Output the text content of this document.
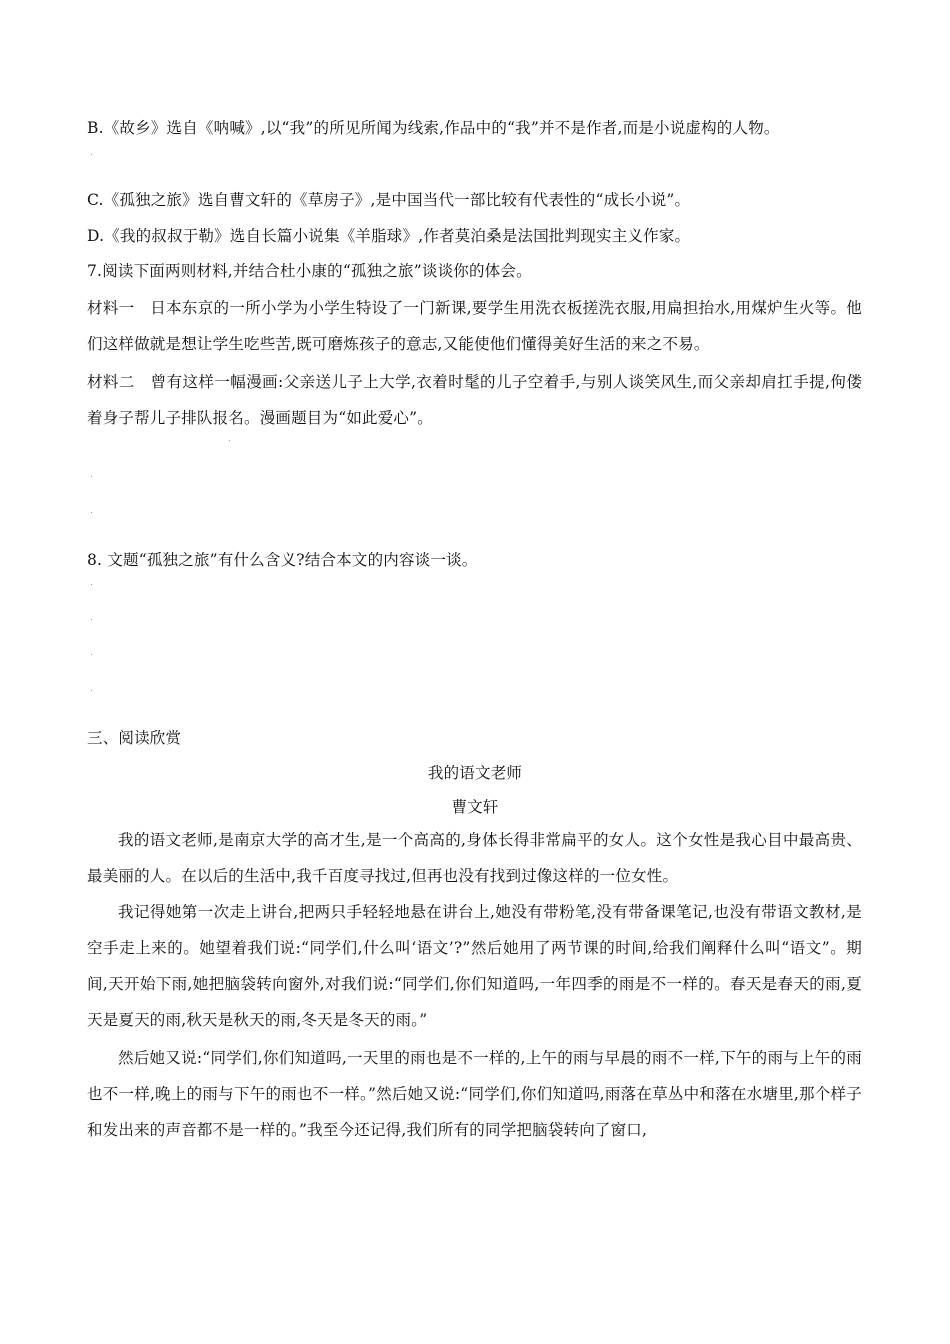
B.《故乡》选自《呐喊》,以“我”的所见所闻为线索,作品中的“我”并不是作者,而是小说虚构的人物。
.
C.《孤独之旅》选自曹文轩的《草房子》,是中国当代一部比较有代表性的“成长小说”。
D.《我的叔叔于勒》选自长篇小说集《羊脂球》,作者莫泊桑是法国批判现实主义作家。
7.阅读下面两则材料,并结合杜小康的“孤独之旅”谈谈你的体会。
材料一　日本东京的一所小学为小学生特设了一门新课,要学生用洗衣板搓洗衣服,用扁担抬水,用煤炉生火等。他们这样做就是想让学生吃些苦,既可磨炼孩子的意志,又能使他们懂得美好生活的来之不易。
材料二　曾有这样一幅漫画:父亲送儿子上大学,衣着时髦的儿子空着手,与别人谈笑风生,而父亲却肩扛手提,佝偻着身子帮儿子排队报名。漫画题目为“如此爱心”。
.
.
.
8. 文题“孤独之旅”有什么含义?结合本文的内容谈一谈。
.
.
.
.
三、阅读欣赏
我的语文老师
曹文轩
我的语文老师,是南京大学的高才生,是一个高高的,身体长得非常扁平的女人。这个女性是我心目中最高贵、最美丽的人。在以后的生活中,我千百度寻找过,但再也没有找到过像这样的一位女性。
我记得她第一次走上讲台,把两只手轻轻地悬在讲台上,她没有带粉笔,没有带备课笔记,也没有带语文教材,是空手走上来的。她望着我们说:“同学们,什么叫‘语文’?”然后她用了两节课的时间,给我们阐释什么叫“语文”。期间,天开始下雨,她把脑袋转向窗外,对我们说:“同学们,你们知道吗,一年四季的雨是不一样的。春天是春天的雨,夏天是夏天的雨,秋天是秋天的雨,冬天是冬天的雨。”
然后她又说:“同学们,你们知道吗,一天里的雨也是不一样的,上午的雨与早晨的雨不一样,下午的雨与上午的雨也不一样,晚上的雨与下午的雨也不一样。”然后她又说:“同学们,你们知道吗,雨落在草丛中和落在水塘里,那个样子和发出来的声音都不是一样的。”我至今还记得,我们所有的同学把脑袋转向了窗口,
